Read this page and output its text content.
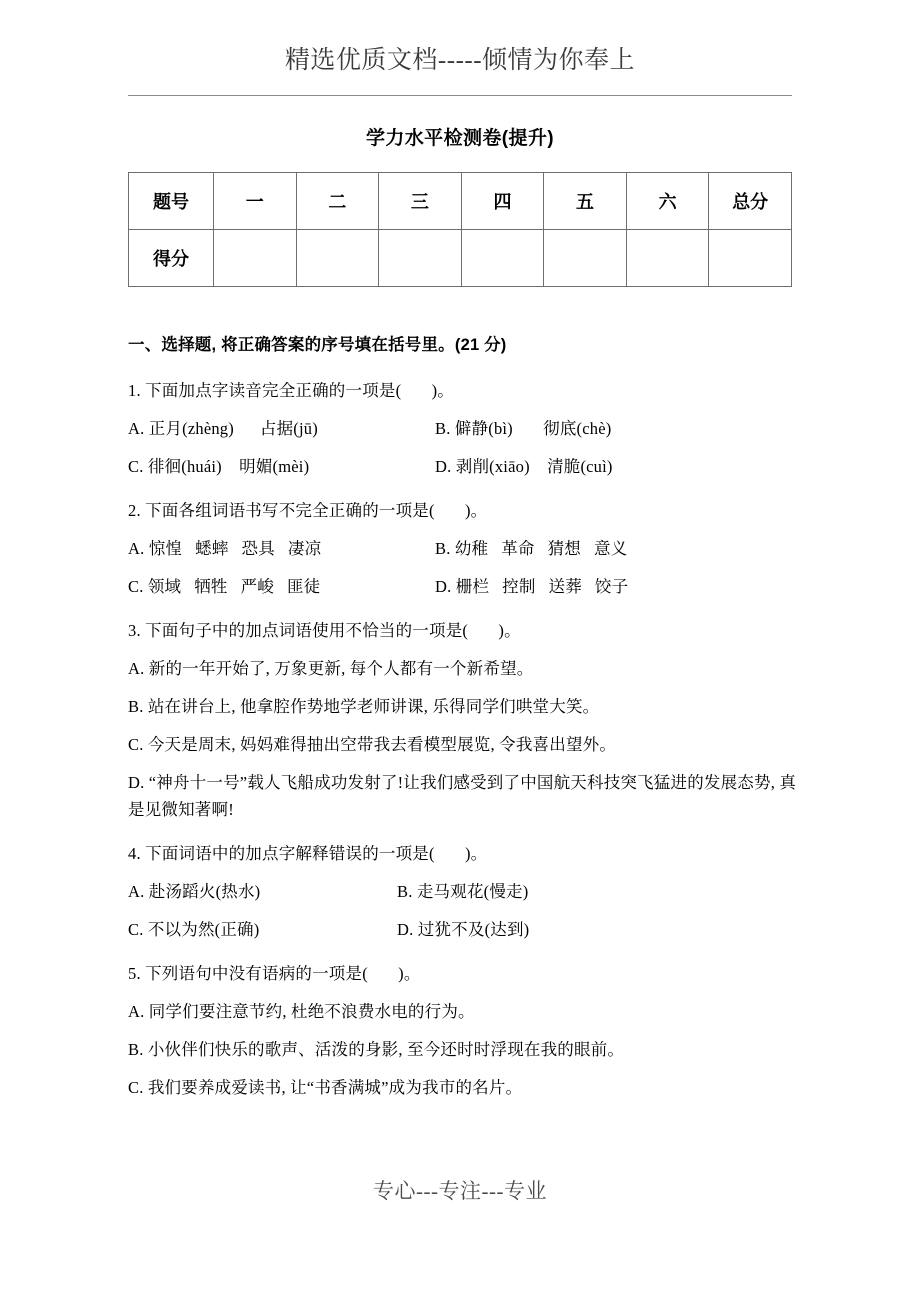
精选优质文档-----倾情为你奉上
学力水平检测卷(提升)
题号	一	二	三	四	五	六	总分
得分							
一、选择题, 将正确答案的序号填在括号里。(21 分)
1. 下面加点字读音完全正确的一项是(       )。
A. 正月(zhèng)      占据(jū)	B. 僻静(bì)       彻底(chè)
C. 徘徊(huái)    明媚(mèi)	D. 剥削(xiāo)    清脆(cuì)
2. 下面各组词语书写不完全正确的一项是(       )。
A. 惊惶   蟋蟀   恐具   凄凉	B. 幼稚   革命   猜想   意义
C. 领域   牺牲   严峻   匪徒	D. 栅栏   控制   送葬   饺子
3. 下面句子中的加点词语使用不恰当的一项是(       )。
A. 新的一年开始了, 万象更新, 每个人都有一个新希望。
B. 站在讲台上, 他拿腔作势地学老师讲课, 乐得同学们哄堂大笑。
C. 今天是周末, 妈妈难得抽出空带我去看模型展览, 令我喜出望外。
D. “神舟十一号”载人飞船成功发射了!让我们感受到了中国航天科技突飞猛进的发展态势, 真是见微知著啊!
4. 下面词语中的加点字解释错误的一项是(       )。
A. 赴汤蹈火(热水)	B. 走马观花(慢走)
C. 不以为然(正确)	D. 过犹不及(达到)
5. 下列语句中没有语病的一项是(       )。
A. 同学们要注意节约, 杜绝不浪费水电的行为。
B. 小伙伴们快乐的歌声、活泼的身影, 至今还时时浮现在我的眼前。
C. 我们要养成爱读书, 让“书香满城”成为我市的名片。
专心---专注---专业
